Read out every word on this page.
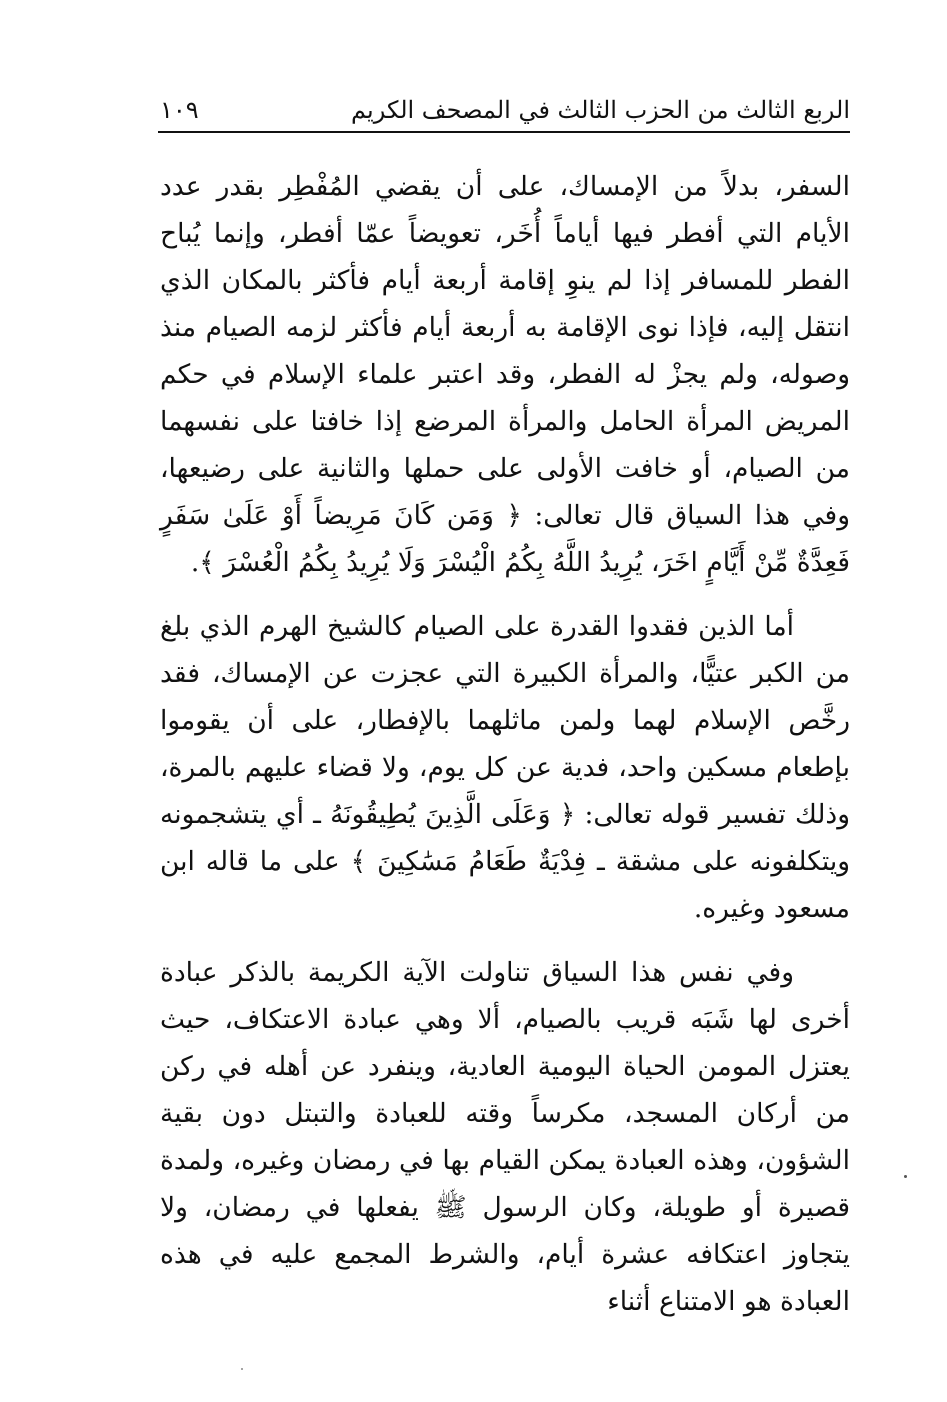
الربع الثالث من الحزب الثالث في المصحف الكريم
١٠٩

السفر، بدلاً من الإمساك، على أن يقضي المُفْطِر بقدر عدد الأيام التي أفطر فيها أياماً أُخَر، تعويضاً عمّا أفطر، وإنما يُباح الفطر للمسافر إذا لم ينوِ إقامة أربعة أيام فأكثر بالمكان الذي انتقل إليه، فإذا نوى الإقامة به أربعة أيام فأكثر لزمه الصيام منذ وصوله، ولم يجزْ له الفطر، وقد اعتبر علماء الإسلام في حكم المريض المرأة الحامل والمرأة المرضع إذا خافتا على نفسهما من الصيام، أو خافت الأولى على حملها والثانية على رضيعها، وفي هذا السياق قال تعالى: ﴿ وَمَن كَانَ مَرِيضاً أَوْ عَلَىٰ سَفَرٍ فَعِدَّةٌ مِّنْ أَيَّامٍ اخَرَ، يُرِيدُ اللَّهُ بِكُمُ الْيُسْرَ وَلَا يُرِيدُ بِكُمُ الْعُسْرَ ﴾.

أما الذين فقدوا القدرة على الصيام كالشيخ الهرم الذي بلغ من الكبر عتيًّا، والمرأة الكبيرة التي عجزت عن الإمساك، فقد رخَّص الإسلام لهما ولمن ماثلهما بالإفطار، على أن يقوموا بإطعام مسكين واحد، فدية عن كل يوم، ولا قضاء عليهم بالمرة، وذلك تفسير قوله تعالى: ﴿ وَعَلَى الَّذِينَ يُطِيقُونَهُ ـ أي يتشجمونه ويتكلفونه على مشقة ـ فِدْيَةٌ طَعَامُ مَسَٰكِينَ ﴾ على ما قاله ابن مسعود وغيره.

وفي نفس هذا السياق تناولت الآية الكريمة بالذكر عبادة أخرى لها شَبَه قريب بالصيام، ألا وهي عبادة الاعتكاف، حيث يعتزل المومن الحياة اليومية العادية، وينفرد عن أهله في ركن من أركان المسجد، مكرساً وقته للعبادة والتبتل دون بقية الشؤون، وهذه العبادة يمكن القيام بها في رمضان وغيره، ولمدة قصيرة أو طويلة، وكان الرسول ﷺ يفعلها في رمضان، ولا يتجاوز اعتكافه عشرة أيام، والشرط المجمع عليه في هذه العبادة هو الامتناع أثناء
